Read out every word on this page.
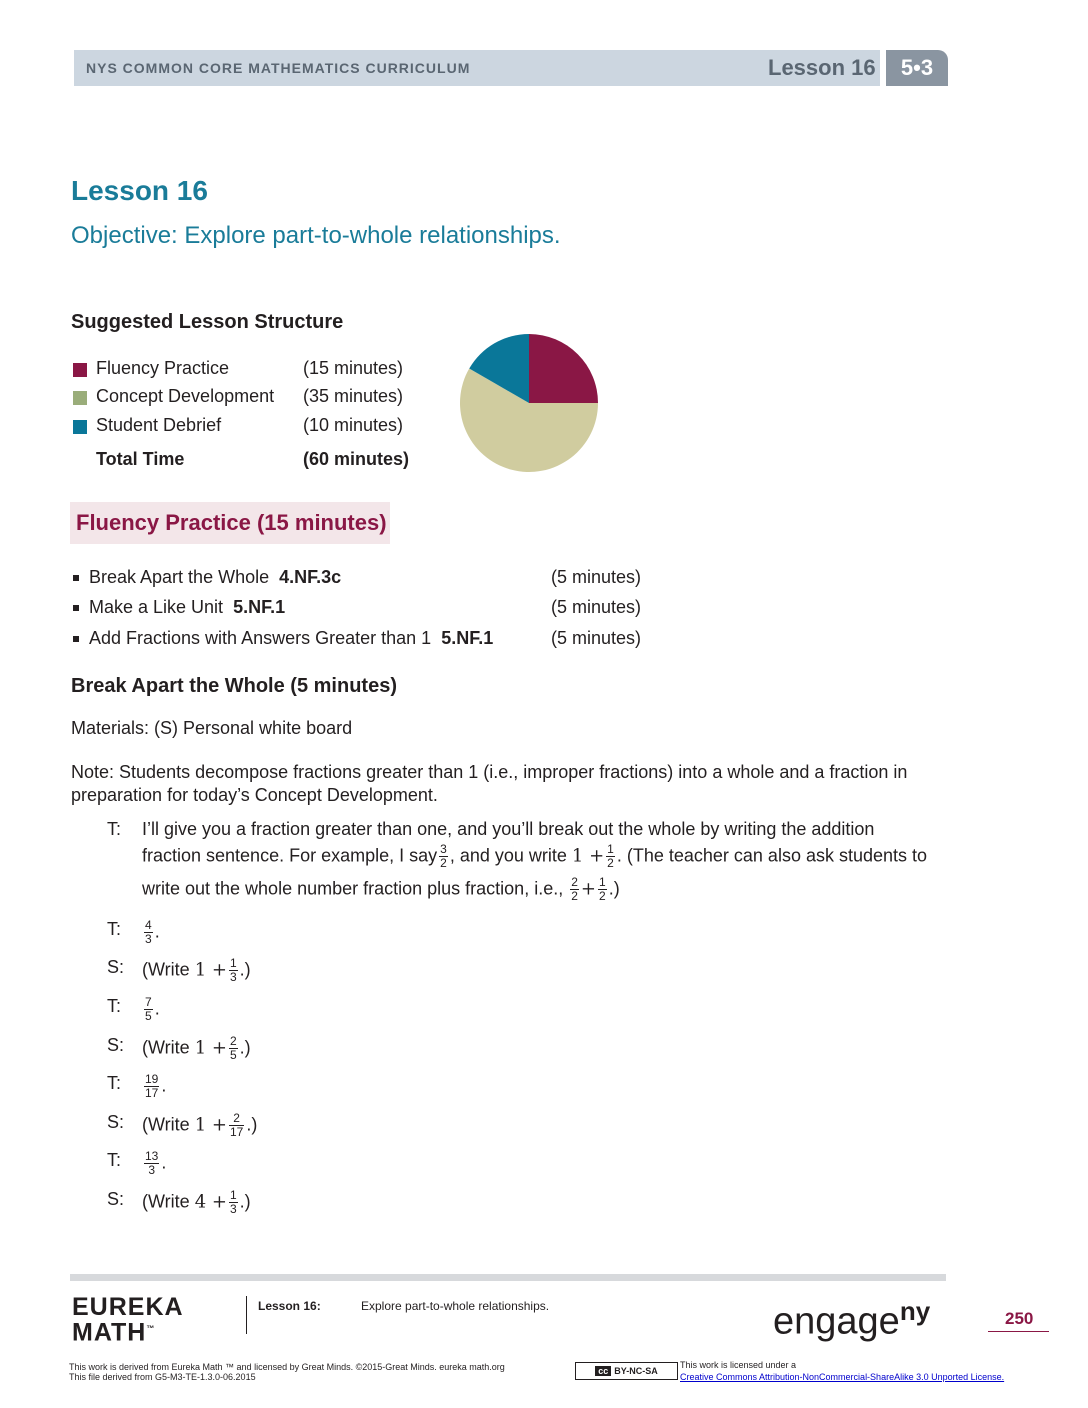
NYS COMMON CORE MATHEMATICS CURRICULUM	Lesson 16	5•3
Lesson 16
Objective: Explore part-to-whole relationships.
Suggested Lesson Structure
Fluency Practice	(15 minutes)
Concept Development (35 minutes)
Student Debrief	(10 minutes)
Total Time	(60 minutes)
Fluency Practice (15 minutes)
Break Apart the Whole 4.NF.3c	(5 minutes)
Make a Like Unit 5.NF.1	(5 minutes)
Add Fractions with Answers Greater than 1 5.NF.1	(5 minutes)
Break Apart the Whole (5 minutes)
Materials: (S) Personal white board
Note: Students decompose fractions greater than 1 (i.e., improper fractions) into a whole and a fraction in preparation for today’s Concept Development.
T: I’ll give you a fraction greater than one, and you’ll break out the whole by writing the addition
fraction sentence. For example, I say $\frac{3}{2}$ , and you write $1 + \frac{1}{2}$ . (The teacher can also ask students to
write out the whole number fraction plus fraction, i.e., $\frac{2}{2} + \frac{1}{2}$ .)
T: $\frac{4}{3}$ .
S: (Write $1 + \frac{1}{3}$ .)
T: $\frac{7}{5}$ .
S: (Write $1 + \frac{2}{5}$ .)
T: $\frac{19}{17}$ .
S: (Write $1 + \frac{2}{17}$ .)
T: $\frac{13}{3}$ .
S: (Write $4 + \frac{1}{3}$ .)
EUREKA
MATH™
Lesson 16:	Explore part-to-whole relationships.	engage$^{ny}$	250
This work is derived from Eureka Math ™ and licensed by Great Minds. ©2015-Great Minds. eureka math.org
This file derived from G5-M3-TE-1.3.0-06.2015
cc BY-NC-SA
This work is licensed under a
Creative Commons Attribution-NonCommercial-ShareAlike 3.0 Unported License.
